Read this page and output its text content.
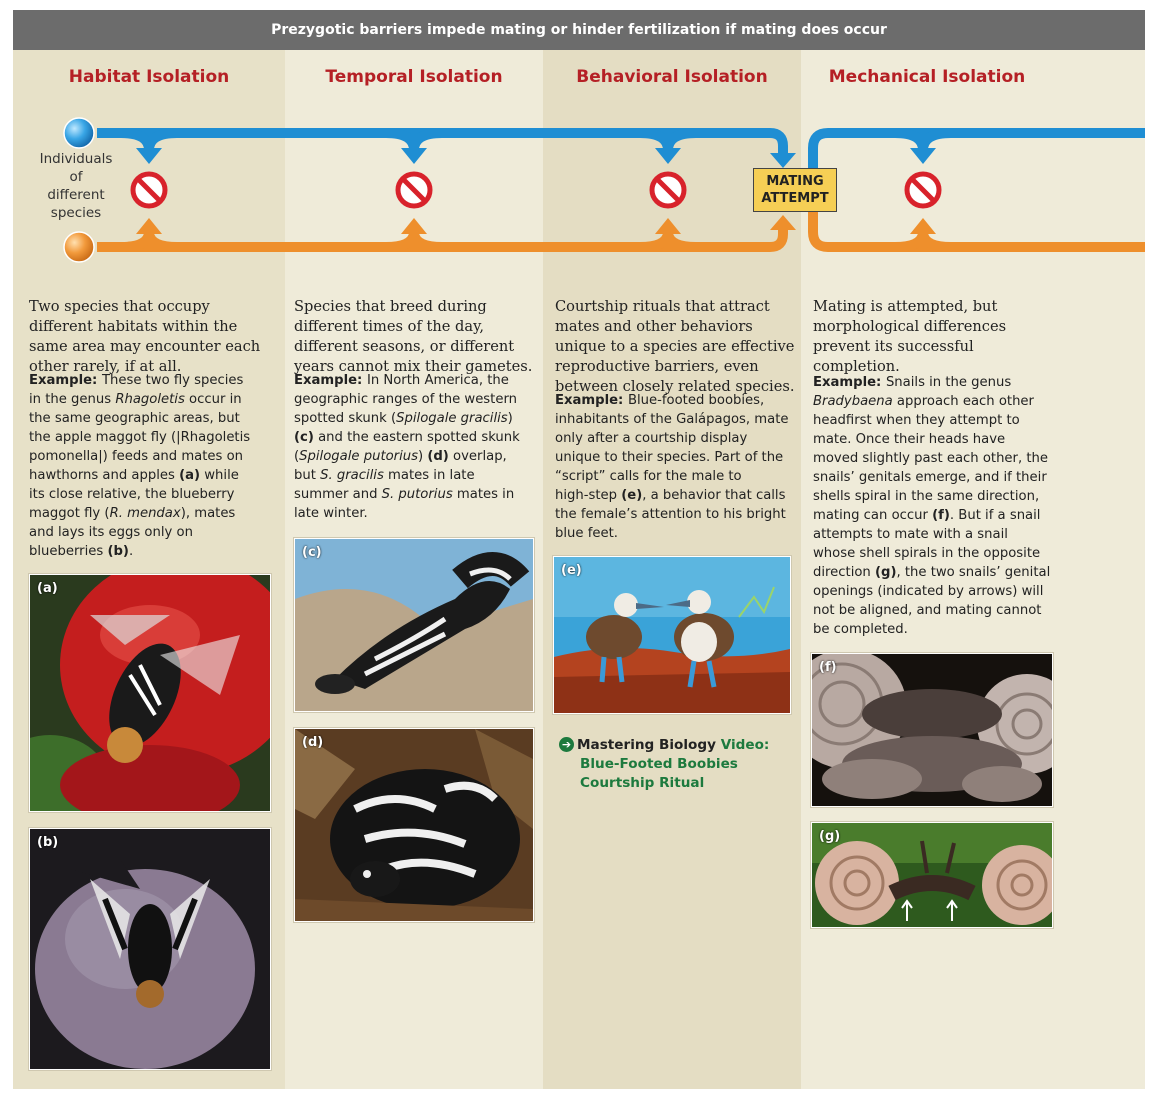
Prezygotic barriers impede mating or hinder fertilization if mating does occur
Habitat Isolation	Temporal Isolation	Behavioral Isolation	Mechanical Isolation
Individuals
of
different
species
MATING
ATTEMPT
Two species that occupy
different habitats within the
same area may encounter each
other rarely, if at all.
Species that breed during
different times of the day,
different seasons, or different
years cannot mix their gametes.
Courtship rituals that attract
mates and other behaviors
unique to a species are effective
reproductive barriers, even
between closely related species.
Mating is attempted, but
morphological differences
prevent its successful
completion.
Example: These two fly species
in the genus Rhagoletis occur in
the same geographic areas, but
the apple maggot fly (|Rhagoletis
pomonella|) feeds and mates on
hawthorns and apples (a) while
its close relative, the blueberry
maggot fly (R. mendax), mates
and lays its eggs only on
blueberries (b).
Example: In North America, the
geographic ranges of the western
spotted skunk (Spilogale gracilis)
(c) and the eastern spotted skunk
(Spilogale putorius) (d) overlap,
but S. gracilis mates in late
summer and S. putorius mates in
late winter.
Example: Blue-footed boobies,
inhabitants of the Galápagos, mate
only after a courtship display
unique to their species. Part of the
“script” calls for the male to
high-step (e), a behavior that calls
the female’s attention to his bright
blue feet.
Example: Snails in the genus
Bradybaena approach each other
headfirst when they attempt to
mate. Once their heads have
moved slightly past each other, the
snails’ genitals emerge, and if their
shells spiral in the same direction,
mating can occur (f). But if a snail
attempts to mate with a snail
whose shell spirals in the opposite
direction (g), the two snails’ genital
openings (indicated by arrows) will
not be aligned, and mating cannot
be completed.
(a)
(b)
(c)
(d)
(e)
(f)
(g)
➔ Mastering Biology Video:
Blue-Footed Boobies
Courtship Ritual
